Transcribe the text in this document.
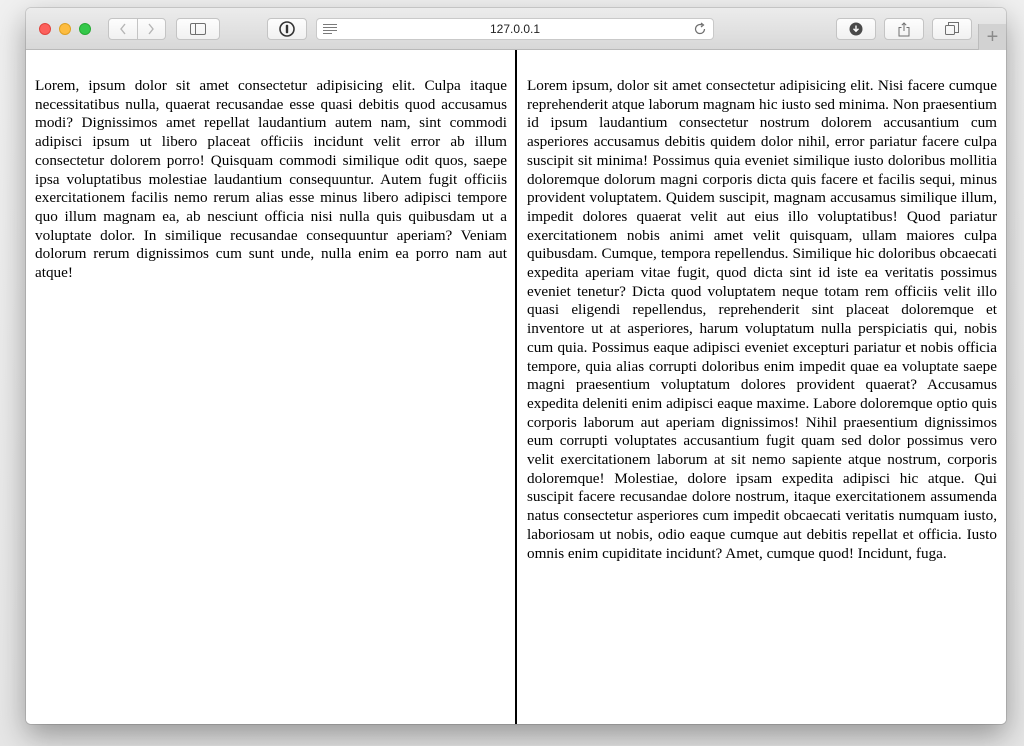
127.0.0.1	+

Lorem, ipsum dolor sit amet consectetur adipisicing elit. Culpa itaque necessitatibus nulla, quaerat recusandae esse quasi debitis quod accusamus modi? Dignissimos amet repellat laudantium autem nam, sint commodi adipisci ipsum ut libero placeat officiis incidunt velit error ab illum consectetur dolorem porro! Quisquam commodi similique odit quos, saepe ipsa voluptatibus molestiae laudantium consequuntur. Autem fugit officiis exercitationem facilis nemo rerum alias esse minus libero adipisci tempore quo illum magnam ea, ab nesciunt officia nisi nulla quis quibusdam ut a voluptate dolor. In similique recusandae consequuntur aperiam? Veniam dolorum rerum dignissimos cum sunt unde, nulla enim ea porro nam aut atque!

Lorem ipsum, dolor sit amet consectetur adipisicing elit. Nisi facere cumque reprehenderit atque laborum magnam hic iusto sed minima. Non praesentium id ipsum laudantium consectetur nostrum dolorem accusantium cum asperiores accusamus debitis quidem dolor nihil, error pariatur facere culpa suscipit sit minima! Possimus quia eveniet similique iusto doloribus mollitia doloremque dolorum magni corporis dicta quis facere et facilis sequi, minus provident voluptatem. Quidem suscipit, magnam accusamus similique illum, impedit dolores quaerat velit aut eius illo voluptatibus! Quod pariatur exercitationem nobis animi amet velit quisquam, ullam maiores culpa quibusdam. Cumque, tempora repellendus. Similique hic doloribus obcaecati expedita aperiam vitae fugit, quod dicta sint id iste ea veritatis possimus eveniet tenetur? Dicta quod voluptatem neque totam rem officiis velit illo quasi eligendi repellendus, reprehenderit sint placeat doloremque et inventore ut at asperiores, harum voluptatum nulla perspiciatis qui, nobis cum quia. Possimus eaque adipisci eveniet excepturi pariatur et nobis officia tempore, quia alias corrupti doloribus enim impedit quae ea voluptate saepe magni praesentium voluptatum dolores provident quaerat? Accusamus expedita deleniti enim adipisci eaque maxime. Labore doloremque optio quis corporis laborum aut aperiam dignissimos! Nihil praesentium dignissimos eum corrupti voluptates accusantium fugit quam sed dolor possimus vero velit exercitationem laborum at sit nemo sapiente atque nostrum, corporis doloremque! Molestiae, dolore ipsam expedita adipisci hic atque. Qui suscipit facere recusandae dolore nostrum, itaque exercitationem assumenda natus consectetur asperiores cum impedit obcaecati veritatis numquam iusto, laboriosam ut nobis, odio eaque cumque aut debitis repellat et officia. Iusto omnis enim cupiditate incidunt? Amet, cumque quod! Incidunt, fuga.
